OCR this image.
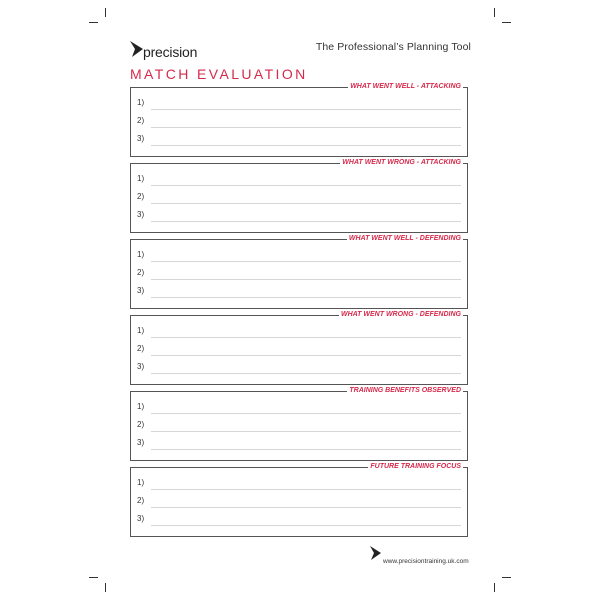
precision	The Professional’s Planning Tool
MATCH EVALUATION
WHAT WENT WELL - ATTACKING
1)
2)
3)
WHAT WENT WRONG - ATTACKING
1)
2)
3)
WHAT WENT WELL - DEFENDING
1)
2)
3)
WHAT WENT WRONG - DEFENDING
1)
2)
3)
TRAINING BENEFITS OBSERVED
1)
2)
3)
FUTURE TRAINING FOCUS
1)
2)
3)
www.precisiontraining.uk.com
